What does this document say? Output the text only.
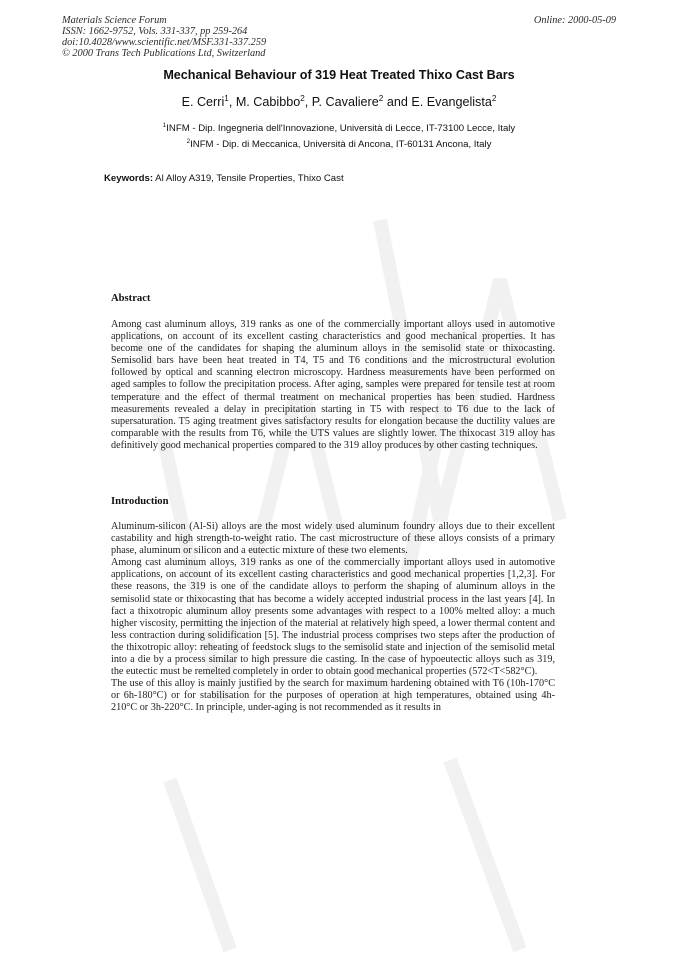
Materials Science Forum
ISSN: 1662-9752, Vols. 331-337, pp 259-264
doi:10.4028/www.scientific.net/MSF.331-337.259
© 2000 Trans Tech Publications Ltd, Switzerland
Online: 2000-05-09
Mechanical Behaviour of 319 Heat Treated Thixo Cast Bars
E. Cerri$^1$, M. Cabibbo$^2$, P. Cavaliere$^2$ and E. Evangelista$^2$
$^1$INFM - Dip. Ingegneria dell'Innovazione, Università di Lecce, IT-73100 Lecce, Italy
$^2$INFM - Dip. di Meccanica, Università di Ancona, IT-60131 Ancona, Italy
Keywords: Al Alloy A319, Tensile Properties, Thixo Cast
Abstract
Among cast aluminum alloys, 319 ranks as one of the commercially important alloys used in automotive applications, on account of its excellent casting characteristics and good mechanical properties. It has become one of the candidates for shaping the aluminum alloys in the semisolid state or thixocasting. Semisolid bars have been heat treated in T4, T5 and T6 conditions and the microstructural evolution followed by optical and scanning electron microscopy. Hardness measurements have been performed on aged samples to follow the precipitation process. After aging, samples were prepared for tensile test at room temperature and the effect of thermal treatment on mechanical properties has been studied. Hardness measurements revealed a delay in precipitation starting in T5 with respect to T6 due to the lack of supersaturation. T5 aging treatment gives satisfactory results for elongation because the ductility values are comparable with the results from T6, while the UTS values are slightly lower. The thixocast 319 alloy has definitively good mechanical properties compared to the 319 alloy produces by other casting techniques.
Introduction
Aluminum-silicon (Al-Si) alloys are the most widely used aluminum foundry alloys due to their excellent castability and high strength-to-weight ratio. The cast microstructure of these alloys consists of a primary phase, aluminum or silicon and a eutectic mixture of these two elements.
Among cast aluminum alloys, 319 ranks as one of the commercially important alloys used in automotive applications, on account of its excellent casting characteristics and good mechanical properties [1,2,3]. For these reasons, the 319 is one of the candidate alloys to perform the shaping of aluminum alloys in the semisolid state or thixocasting that has become a widely accepted industrial process in the last years [4]. In fact a thixotropic aluminum alloy presents some advantages with respect to a 100% melted alloy: a much higher viscosity, permitting the injection of the material at relatively high speed, a lower thermal content and less contraction during solidification [5]. The industrial process comprises two steps after the production of the thixotropic alloy: reheating of feedstock slugs to the semisolid state and injection of the semisolid metal into a die by a process similar to high pressure die casting. In the case of hypoeutectic alloys such as 319, the eutectic must be remelted completely in order to obtain good mechanical properties (572<T<582°C).
The use of this alloy is mainly justified by the search for maximum hardening obtained with T6 (10h-170°C or 6h-180°C) or for stabilisation for the purposes of operation at high temperatures, obtained using 4h-210°C or 3h-220°C. In principle, under-aging is not recommended as it results in
